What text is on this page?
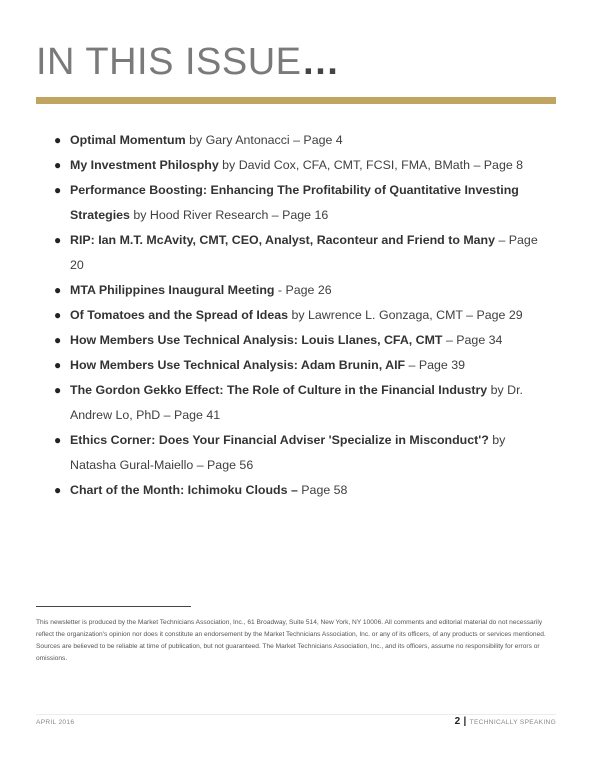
IN THIS ISSUE…
● Optimal Momentum by Gary Antonacci – Page 4
● My Investment Philosphy by David Cox, CFA, CMT, FCSI, FMA, BMath – Page 8
● Performance Boosting: Enhancing The Profitability of Quantitative Investing Strategies by Hood River Research – Page 16
● RIP: Ian M.T. McAvity, CMT, CEO, Analyst, Raconteur and Friend to Many – Page 20
● MTA Philippines Inaugural Meeting - Page 26
● Of Tomatoes and the Spread of Ideas by Lawrence L. Gonzaga, CMT – Page 29
● How Members Use Technical Analysis: Louis Llanes, CFA, CMT – Page 34
● How Members Use Technical Analysis: Adam Brunin, AIF – Page 39
● The Gordon Gekko Effect: The Role of Culture in the Financial Industry by Dr. Andrew Lo, PhD – Page 41
● Ethics Corner: Does Your Financial Adviser 'Specialize in Misconduct'? by Natasha Gural-Maiello – Page 56
● Chart of the Month: Ichimoku Clouds – Page 58
This newsletter is produced by the Market Technicians Association, Inc., 61 Broadway, Suite 514, New York, NY 10006. All comments and editorial material do not necessarily reflect the organization's opinion nor does it constitute an endorsement by the Market Technicians Association, Inc. or any of its officers, of any products or services mentioned. Sources are believed to be reliable at time of publication, but not guaranteed. The Market Technicians Association, Inc., and its officers, assume no responsibility for errors or omissions.
APRIL 2016	2 | TECHNICALLY SPEAKING
